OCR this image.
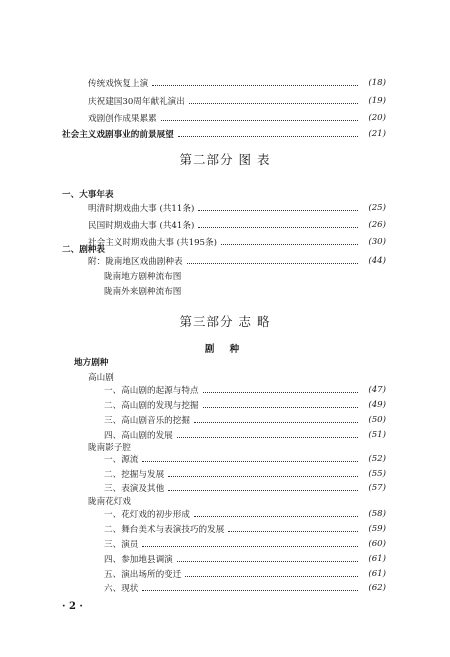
传统戏恢复上演	(18)
庆祝建国30周年献礼演出	(19)
戏剧创作成果累累	(20)
社会主义戏剧事业的前景展望	(21)
第二部分 图 表
一、大事年表
明清时期戏曲大事 (共11条)	(25)
民国时期戏曲大事 (共41条)	(26)
社会主义时期戏曲大事 (共195条)	(30)
二、剧种表
附：陇南地区戏曲剧种表	(44)
陇南地方剧种流布图
陇南外来剧种流布图
第三部分 志 略
剧 种
地方剧种
高山剧
一、高山剧的起源与特点	(47)
二、高山剧的发现与挖掘	(49)
三、高山剧音乐的挖掘	(50)
四、高山剧的发展	(51)
陇南影子腔
一、源流	(52)
二、挖掘与发展	(55)
三、表演及其他	(57)
陇南花灯戏
一、花灯戏的初步形成	(58)
二、舞台美术与表演技巧的发展	(59)
三、演员	(60)
四、参加地县调演	(61)
五、演出场所的变迁	(61)
六、现状	(62)
· 2 ·
